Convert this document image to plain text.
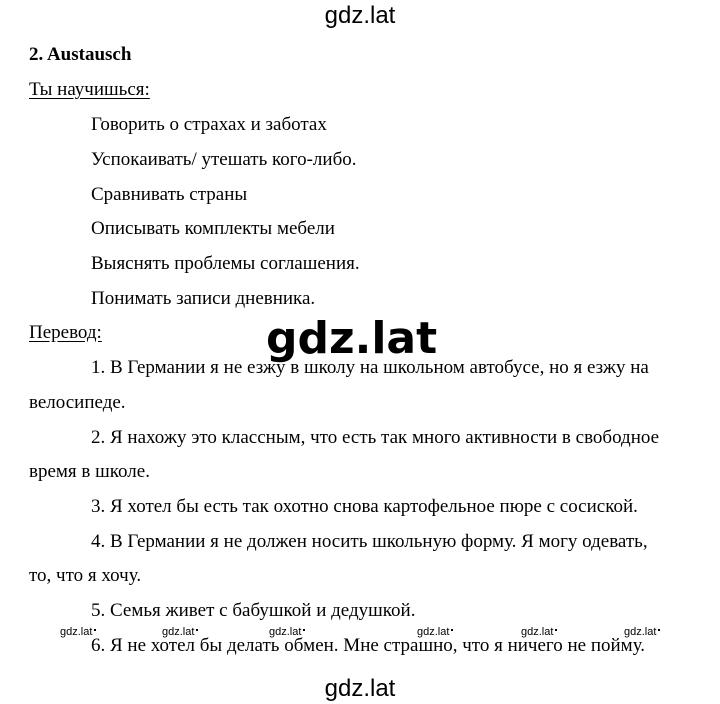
gdz.lat
2. Austausch
Ты научишься:
Говорить о страхах и заботах
Успокаивать/ утешать кого-либо.
Сравнивать страны
Описывать комплекты мебели
Выяснять проблемы соглашения.
Понимать записи дневника.
Перевод:
1. В Германии я не езжу в школу на школьном автобусе, но я езжу на
велосипеде.
2. Я нахожу это классным, что есть так много активности в свободное
время в школе.
3. Я хотел бы есть так охотно снова картофельное пюре с сосиской.
4. В Германии я не должен носить школьную форму. Я могу одевать,
то, что я хочу.
5. Семья живет с бабушкой и дедушкой.
6. Я не хотел бы делать обмен. Мне страшно, что я ничего не пойму.
gdz.lat
gdz.lat	gdz.lat	gdz.lat	gdz.lat	gdz.lat	gdz.lat
gdz.lat
